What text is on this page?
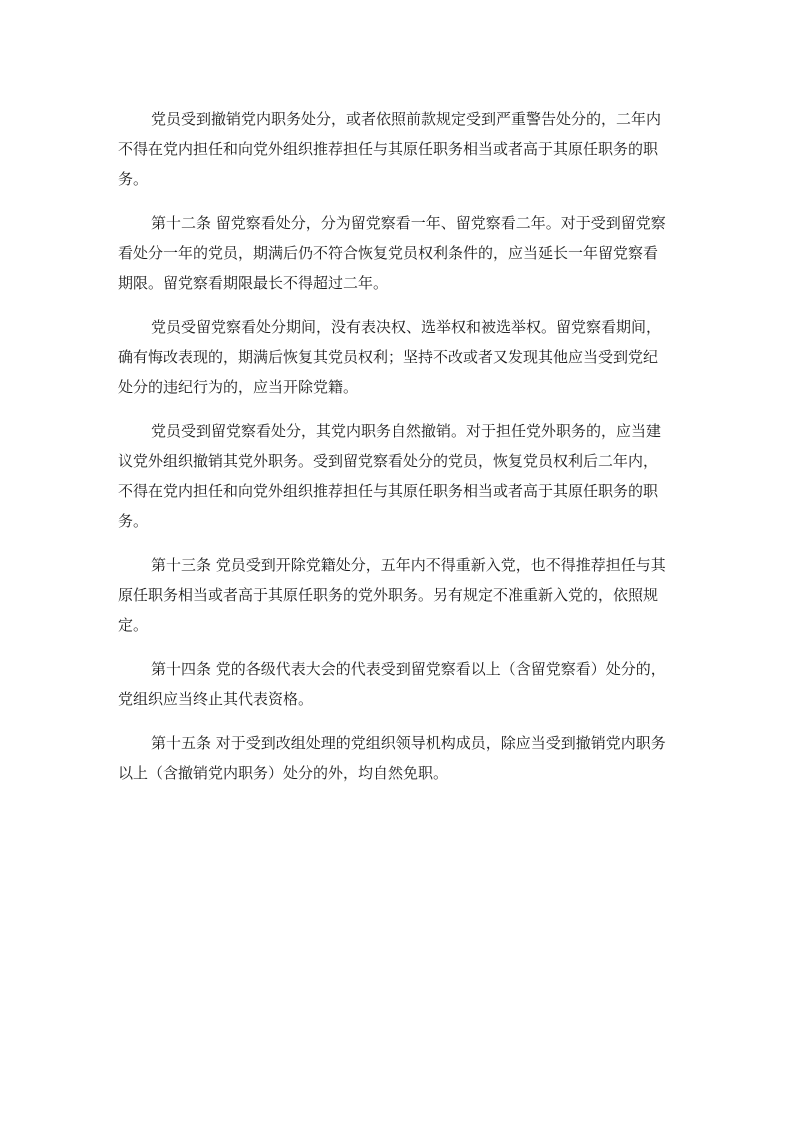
党员受到撤销党内职务处分，或者依照前款规定受到严重警告处分的，二年内
不得在党内担任和向党外组织推荐担任与其原任职务相当或者高于其原任职务的职
务。

第十二条 留党察看处分，分为留党察看一年、留党察看二年。对于受到留党察
看处分一年的党员，期满后仍不符合恢复党员权利条件的，应当延长一年留党察看
期限。留党察看期限最长不得超过二年。

党员受留党察看处分期间，没有表决权、选举权和被选举权。留党察看期间，
确有悔改表现的，期满后恢复其党员权利；坚持不改或者又发现其他应当受到党纪
处分的违纪行为的，应当开除党籍。

党员受到留党察看处分，其党内职务自然撤销。对于担任党外职务的，应当建
议党外组织撤销其党外职务。受到留党察看处分的党员，恢复党员权利后二年内，
不得在党内担任和向党外组织推荐担任与其原任职务相当或者高于其原任职务的职
务。

第十三条 党员受到开除党籍处分，五年内不得重新入党，也不得推荐担任与其
原任职务相当或者高于其原任职务的党外职务。另有规定不准重新入党的，依照规
定。

第十四条 党的各级代表大会的代表受到留党察看以上（含留党察看）处分的，
党组织应当终止其代表资格。

第十五条 对于受到改组处理的党组织领导机构成员，除应当受到撤销党内职务
以上（含撤销党内职务）处分的外，均自然免职。
